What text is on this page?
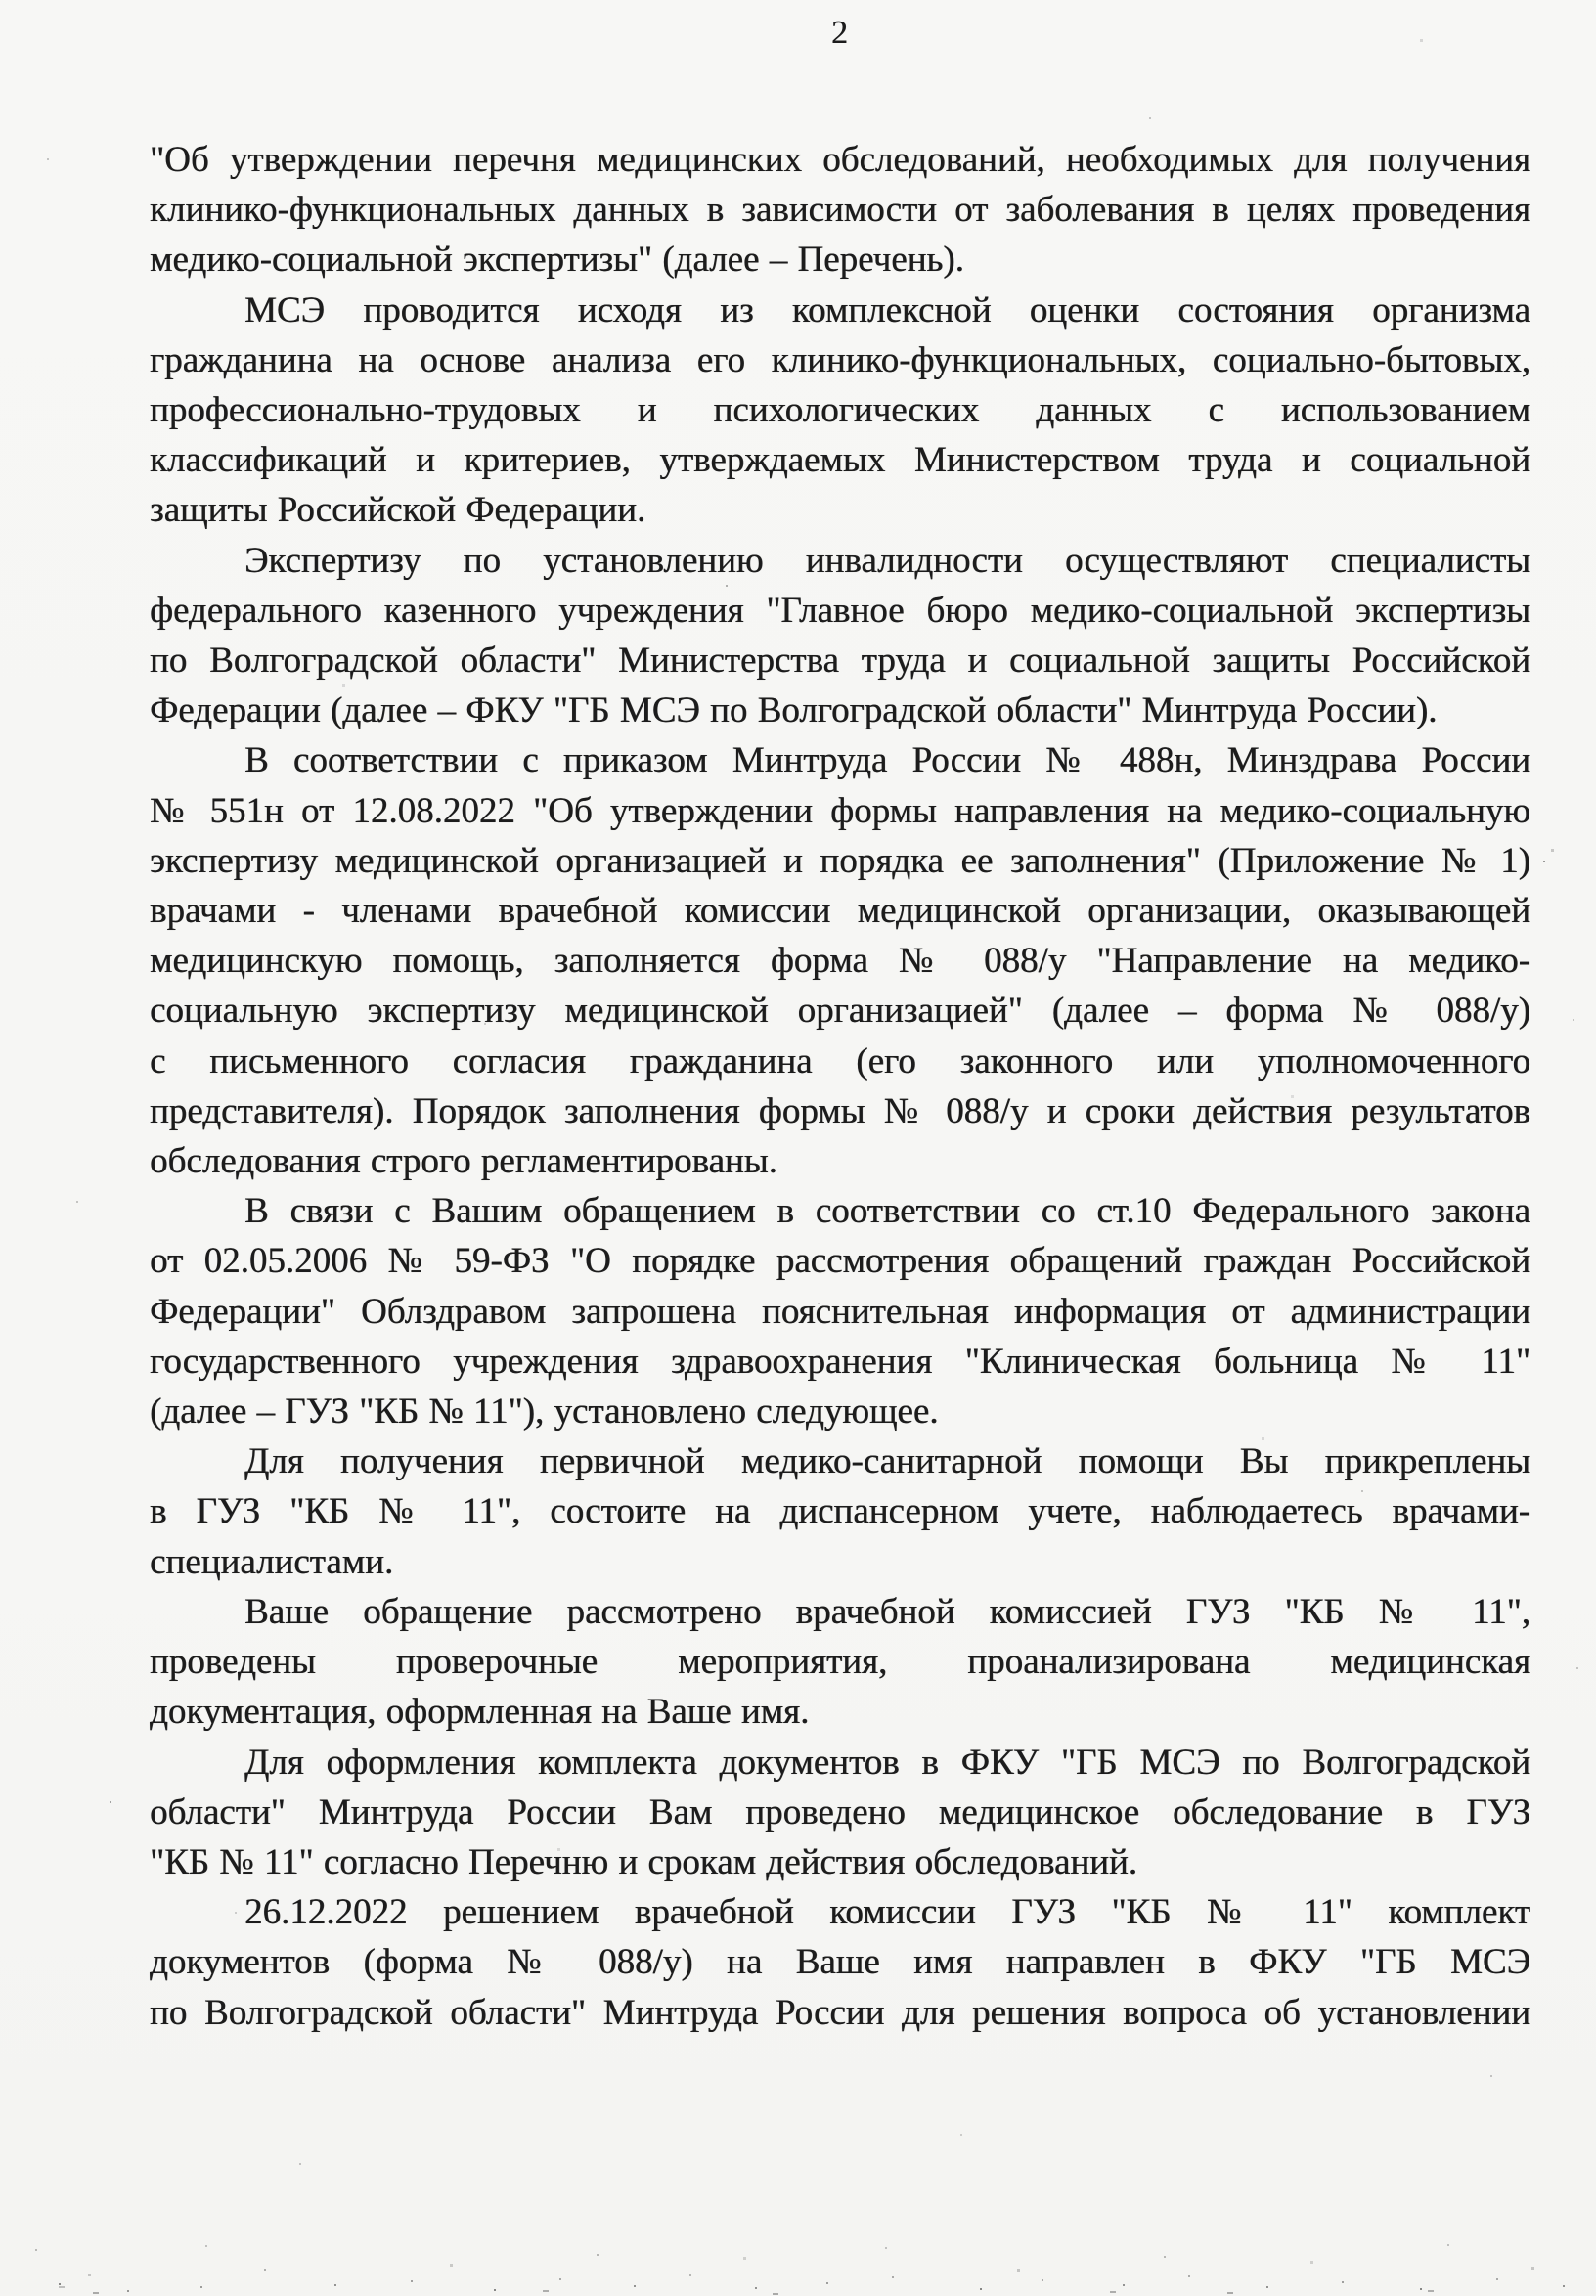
2
"Об утверждении перечня медицинских обследований, необходимых для получения
клинико-функциональных данных в зависимости от заболевания в целях проведения
медико-социальной экспертизы" (далее – Перечень).
МСЭ проводится исходя из комплексной оценки состояния организма
гражданина на основе анализа его клинико-функциональных, социально-бытовых,
профессионально-трудовых и психологических данных с использованием
классификаций и критериев, утверждаемых Министерством труда и социальной
защиты Российской Федерации.
Экспертизу по установлению инвалидности осуществляют специалисты
федерального казенного учреждения "Главное бюро медико-социальной экспертизы
по Волгоградской области" Министерства труда и социальной защиты Российской
Федерации (далее – ФКУ "ГБ МСЭ по Волгоградской области" Минтруда России).
В соответствии с приказом Минтруда России № 488н, Минздрава России
№ 551н от 12.08.2022 "Об утверждении формы направления на медико-социальную
экспертизу медицинской организацией и порядка ее заполнения" (Приложение № 1)
врачами - членами врачебной комиссии медицинской организации, оказывающей
медицинскую помощь, заполняется форма № 088/у "Направление на медико-
социальную экспертизу медицинской организацией" (далее – форма № 088/у)
с письменного согласия гражданина (его законного или уполномоченного
представителя). Порядок заполнения формы № 088/у и сроки действия результатов
обследования строго регламентированы.
В связи с Вашим обращением в соответствии со ст.10 Федерального закона
от 02.05.2006 № 59-ФЗ "О порядке рассмотрения обращений граждан Российской
Федерации" Облздравом запрошена пояснительная информация от администрации
государственного учреждения здравоохранения "Клиническая больница № 11"
(далее – ГУЗ "КБ № 11"), установлено следующее.
Для получения первичной медико-санитарной помощи Вы прикреплены
в ГУЗ "КБ № 11", состоите на диспансерном учете, наблюдаетесь врачами-
специалистами.
Ваше обращение рассмотрено врачебной комиссией ГУЗ "КБ № 11",
проведены проверочные мероприятия, проанализирована медицинская
документация, оформленная на Ваше имя.
Для оформления комплекта документов в ФКУ "ГБ МСЭ по Волгоградской
области" Минтруда России Вам проведено медицинское обследование в ГУЗ
"КБ № 11" согласно Перечню и срокам действия обследований.
26.12.2022 решением врачебной комиссии ГУЗ "КБ № 11" комплект
документов (форма № 088/у) на Ваше имя направлен в ФКУ "ГБ МСЭ
по Волгоградской области" Минтруда России для решения вопроса об установлении
